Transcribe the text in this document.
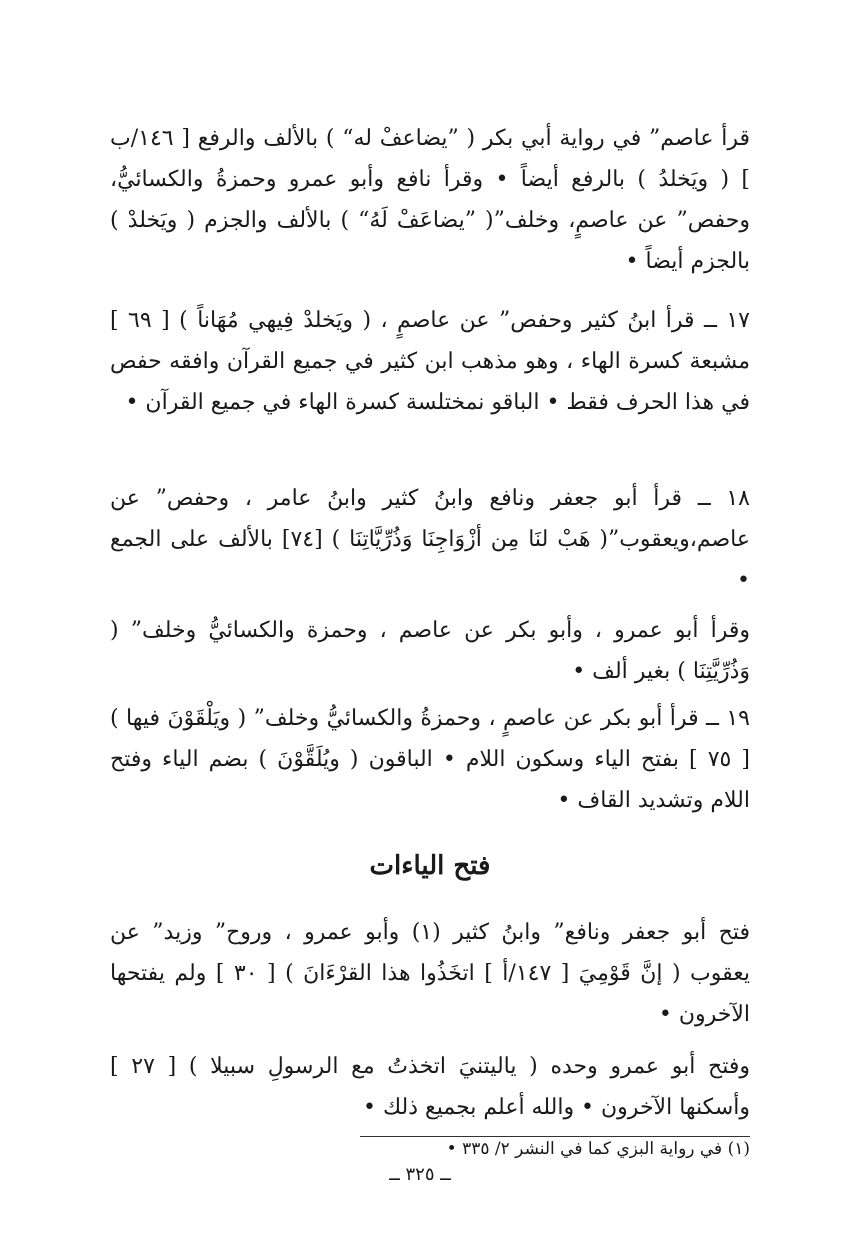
قرأ عاصم” في رواية أبي بكر ( ”يضاعفْ له“ ) بالألف والرفع [ ١٤٦/ب ] ( ويَخلدُ ) بالرفع أيضاً • وقرأ نافع وأبو عمرو وحمزةُ والكسائيُّ، وحفص” عن عاصمٍ، وخلف”( ”يضاعَفْ لَهُ“ ) بالألف والجزم ( ويَخلدْ ) بالجزم أيضاً •

١٧ ــ قرأ ابنُ كثير وحفص” عن عاصمٍ ، ( ويَخلدْ فِيهي مُهَاناً ) [ ٦٩ ] مشبعة كسرة الهاء ، وهو مذهب ابن كثير في جميع القرآن وافقه حفص في هذا الحرف فقط • الباقو نمختلسة كسرة الهاء في جميع القرآن •

١٨ ــ قرأ أبو جعفر ونافع وابنُ كثير وابنُ عامر ، وحفص” عن عاصم،ويعقوب”( هَبْ لنَا مِن أزْوَاجِنَا وَذُرِّيَّاتِنَا ) [٧٤] بالألف على الجمع •

وقرأ أبو عمرو ، وأبو بكر عن عاصم ، وحمزة والكسائيُّ وخلف” ( وَذُرِّيَّتِنَا ) بغير ألف •

١٩ ــ قرأ أبو بكر عن عاصمٍ ، وحمزةُ والكسائيُّ وخلف” ( ويَلْقَوْنَ فيها ) [ ٧٥ ] بفتح الياء وسكون اللام • الباقون ( ويُلَقَّوْنَ ) بضم الياء وفتح اللام وتشديد القاف •

فتح الياءات

فتح أبو جعفر ونافع” وابنُ كثير (١) وأبو عمرو ، وروح” وزيد” عن يعقوب ( إنَّ قَوْمِيَ [ ١٤٧/أ ] اتخَذُوا هذا القرْءَانَ ) [ ٣٠ ] ولم يفتحها الآخرون •

وفتح أبو عمرو وحده ( ياليتنيَ اتخذتُ مع الرسولِ سبيلا ) [ ٢٧ ] وأسكنها الآخرون • والله أعلم بجميع ذلك •

(١) في رواية البزي كما في النشر ٢/ ٣٣٥ •

ــ ٣٢٥ ــ
